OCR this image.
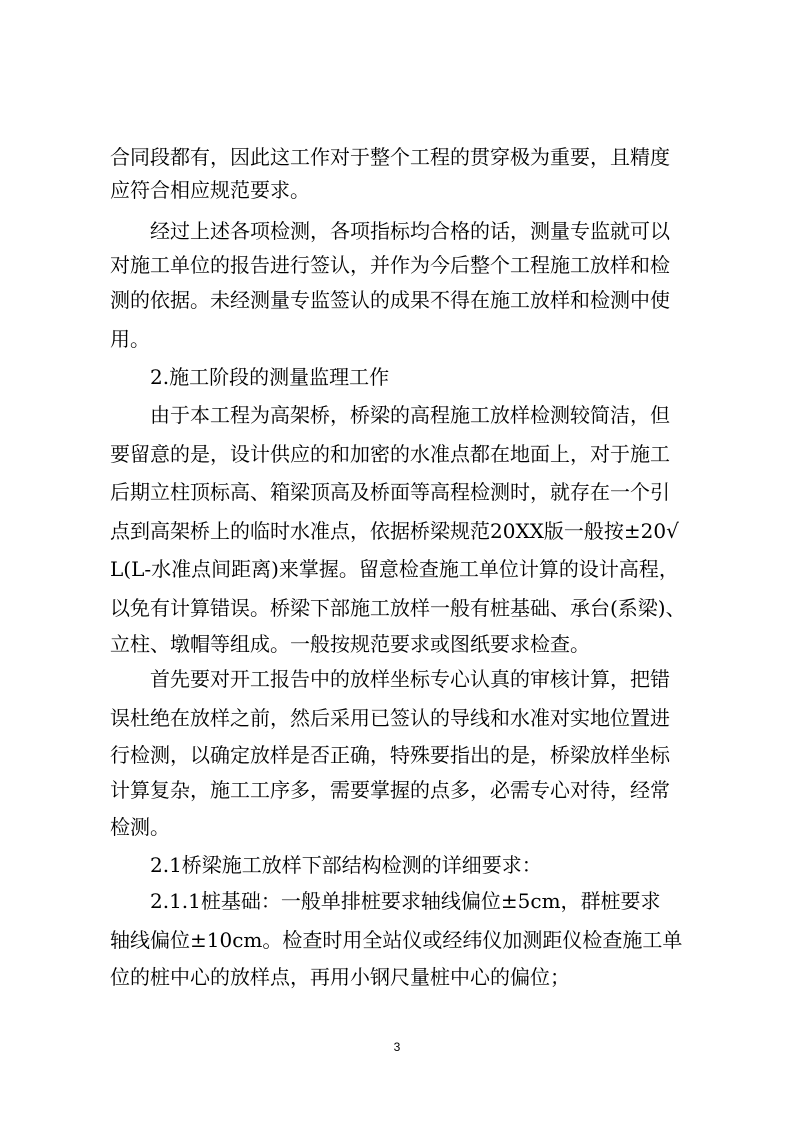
合同段都有，因此这工作对于整个工程的贯穿极为重要，且精度
应符合相应规范要求。
经过上述各项检测，各项指标均合格的话，测量专监就可以
对施工单位的报告进行签认，并作为今后整个工程施工放样和检
测的依据。未经测量专监签认的成果不得在施工放样和检测中使
用。
2.施工阶段的测量监理工作
由于本工程为高架桥，桥梁的高程施工放样检测较简洁，但
要留意的是，设计供应的和加密的水准点都在地面上，对于施工
后期立柱顶标高、箱梁顶高及桥面等高程检测时，就存在一个引
点到高架桥上的临时水准点，依据桥梁规范20XX版一般按±20√
L(L-水准点间距离)来掌握。留意检查施工单位计算的设计高程，
以免有计算错误。桥梁下部施工放样一般有桩基础、承台(系梁)、
立柱、墩帽等组成。一般按规范要求或图纸要求检查。
首先要对开工报告中的放样坐标专心认真的审核计算，把错
误杜绝在放样之前，然后采用已签认的导线和水准对实地位置进
行检测，以确定放样是否正确，特殊要指出的是，桥梁放样坐标
计算复杂，施工工序多，需要掌握的点多，必需专心对待，经常
检测。
2.1桥梁施工放样下部结构检测的详细要求：
2.1.1桩基础：一般单排桩要求轴线偏位±5cm，群桩要求
轴线偏位±10cm。检查时用全站仪或经纬仪加测距仪检查施工单
位的桩中心的放样点，再用小钢尺量桩中心的偏位；
3
